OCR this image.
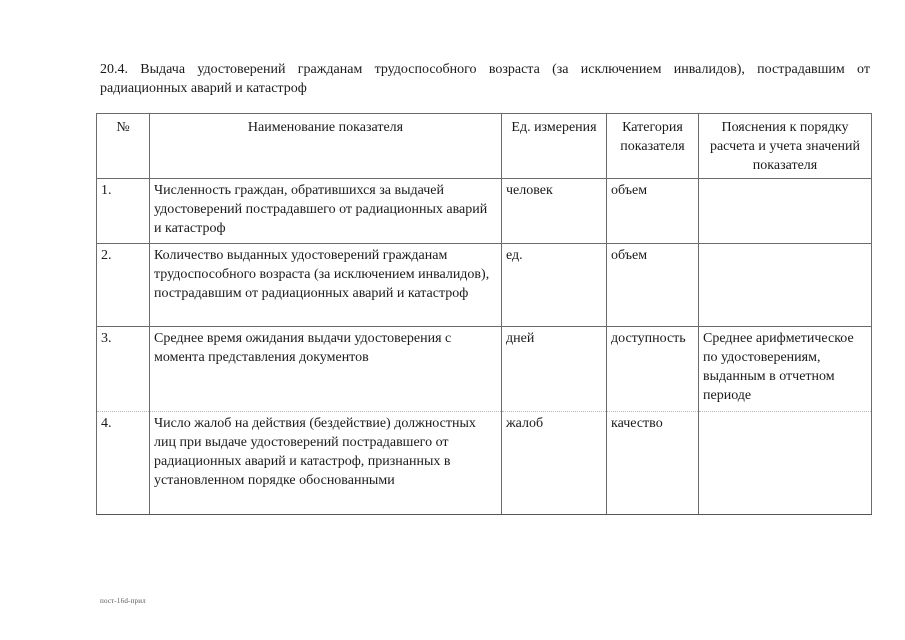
20.4. Выдача удостоверений гражданам трудоспособного возраста (за исключением инвалидов), пострадавшим от радиационных аварий и катастроф
№	Наименование показателя	Ед. измерения	Категория показателя	Пояснения к порядку расчета и учета значений показателя
1.	Численность граждан, обратившихся за выдачей удостоверений пострадавшего от радиационных аварий и катастроф	человек	объем	
2.	Количество выданных удостоверений гражданам трудоспособного возраста (за исключением инвалидов), пострадавшим от радиационных аварий и катастроф	ед.	объем	
3.	Среднее время ожидания выдачи удостоверения с момента представления документов	дней	доступность	Среднее арифметическое по удостоверениям, выданным в отчетном периоде
4.	Число жалоб на действия (бездействие) должностных лиц при выдаче удостоверений пострадавшего от радиационных аварий и катастроф, признанных в установленном порядке обоснованными	жалоб	качество	
пост-16d-прил
